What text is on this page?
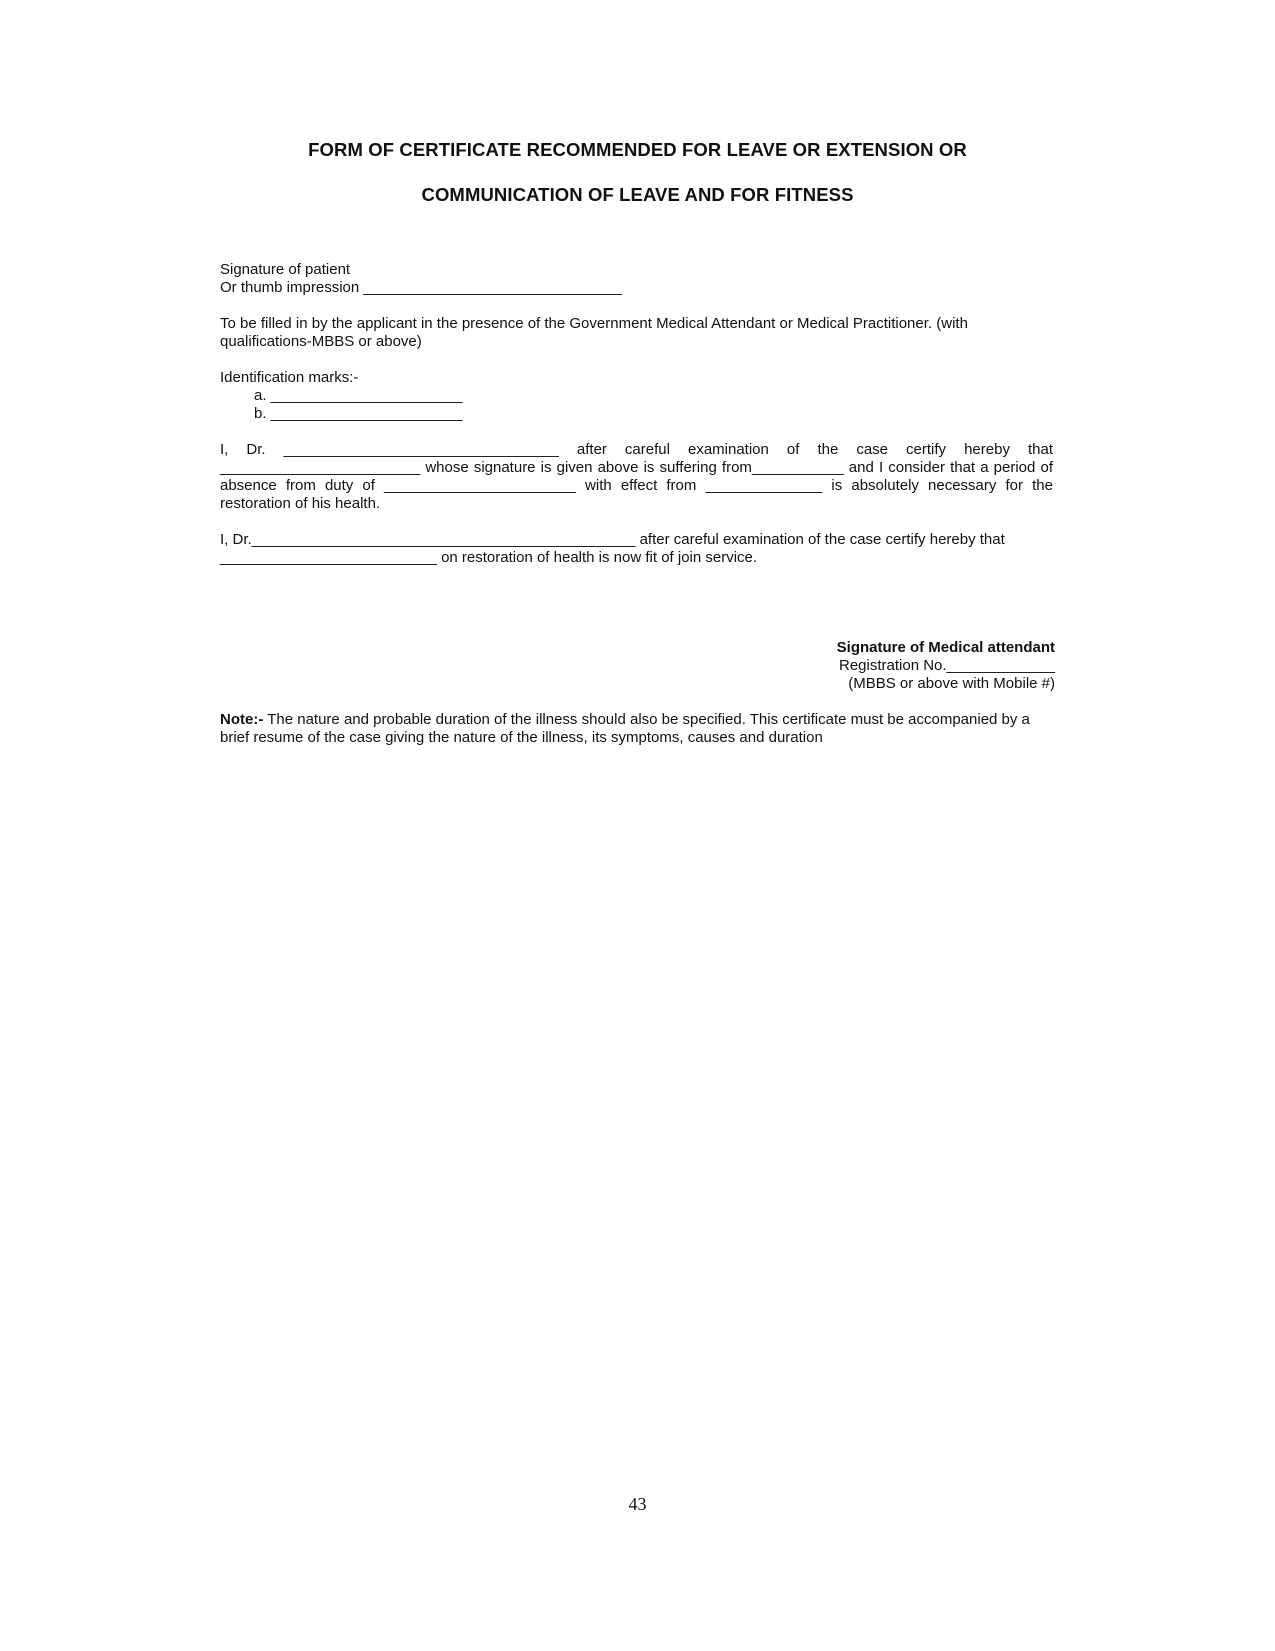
FORM OF CERTIFICATE RECOMMENDED FOR LEAVE OR EXTENSION OR
COMMUNICATION OF LEAVE AND FOR FITNESS
Signature of patient
Or thumb impression _______________________________
To be filled in by the applicant in the presence of the Government Medical Attendant or Medical Practitioner. (with qualifications-MBBS or above)
Identification marks:-
a. _______________________
b. _______________________
I, Dr. _________________________________ after careful examination of the case certify hereby that ________________________ whose signature is given above is suffering from___________ and I consider that a period of absence from duty of _______________________ with effect from ______________ is absolutely necessary for the restoration of his health.
I, Dr.______________________________________________ after careful examination of the case certify hereby that __________________________ on restoration of health is now fit of join service.
Note:- The nature and probable duration of the illness should also be specified. This certificate must be accompanied by a brief resume of the case giving the nature of the illness, its symptoms, causes and duration
Signature of Medical attendant
Registration No._____________
(MBBS or above with Mobile #)
43
